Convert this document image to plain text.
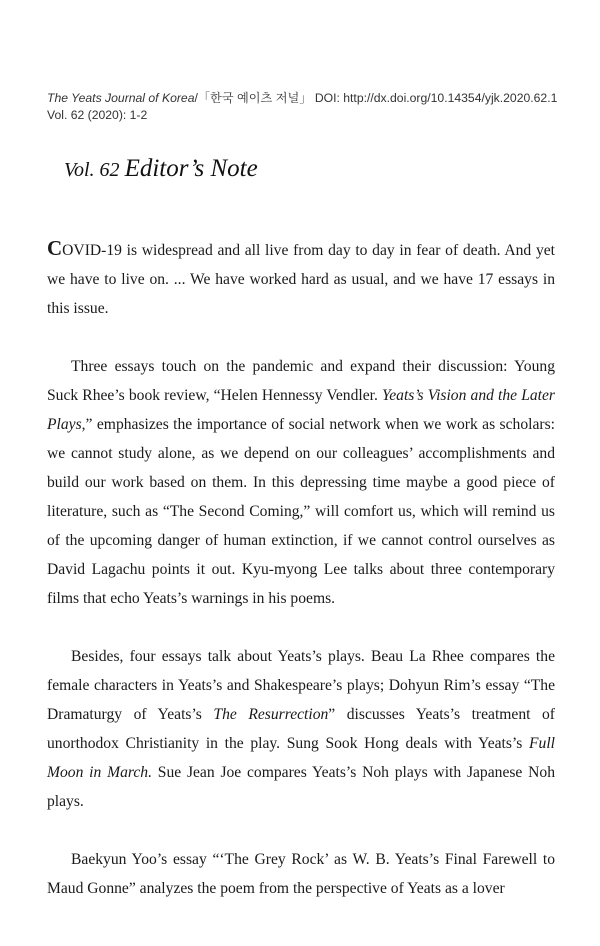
The Yeats Journal of Korea/「한국 예이츠 저널」 DOI: http://dx.doi.org/10.14354/yjk.2020.62.1
Vol. 62 (2020): 1-2
Vol. 62 Editor’s Note

COVID-19 is widespread and all live from day to day in fear of death. And yet we have to live on. ... We have worked hard as usual, and we have 17 essays in this issue.

Three essays touch on the pandemic and expand their discussion: Young Suck Rhee’s book review, “Helen Hennessy Vendler. Yeats’s Vision and the Later Plays,” emphasizes the importance of social network when we work as scholars: we cannot study alone, as we depend on our colleagues’ accomplishments and build our work based on them. In this depressing time maybe a good piece of literature, such as “The Second Coming,” will comfort us, which will remind us of the upcoming danger of human extinction, if we cannot control ourselves as David Lagachu points it out. Kyu-myong Lee talks about three contemporary films that echo Yeats’s warnings in his poems.

Besides, four essays talk about Yeats’s plays. Beau La Rhee compares the female characters in Yeats’s and Shakespeare’s plays; Dohyun Rim’s essay “The Dramaturgy of Yeats’s The Resurrection” discusses Yeats’s treatment of unorthodox Christianity in the play. Sung Sook Hong deals with Yeats’s Full Moon in March. Sue Jean Joe compares Yeats’s Noh plays with Japanese Noh plays.

Baekyun Yoo’s essay “‘The Grey Rock’ as W. B. Yeats’s Final Farewell to Maud Gonne” analyzes the poem from the perspective of Yeats as a lover
